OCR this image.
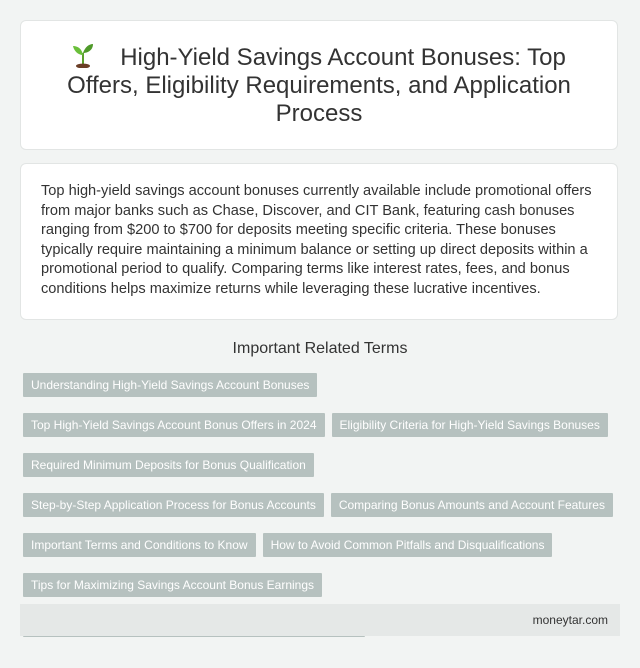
High-Yield Savings Account Bonuses: Top Offers, Eligibility Requirements, and Application Process

Top high-yield savings account bonuses currently available include promotional offers from major banks such as Chase, Discover, and CIT Bank, featuring cash bonuses ranging from $200 to $700 for deposits meeting specific criteria. These bonuses typically require maintaining a minimum balance or setting up direct deposits within a promotional period to qualify. Comparing terms like interest rates, fees, and bonus conditions helps maximize returns while leveraging these lucrative incentives.

Important Related Terms
Understanding High-Yield Savings Account Bonuses
Top High-Yield Savings Account Bonus Offers in 2024	Eligibility Criteria for High-Yield Savings Bonuses
Required Minimum Deposits for Bonus Qualification
Step-by-Step Application Process for Bonus Accounts	Comparing Bonus Amounts and Account Features
Important Terms and Conditions to Know	How to Avoid Common Pitfalls and Disqualifications
Tips for Maximizing Savings Account Bonus Earnings
moneytar.com
